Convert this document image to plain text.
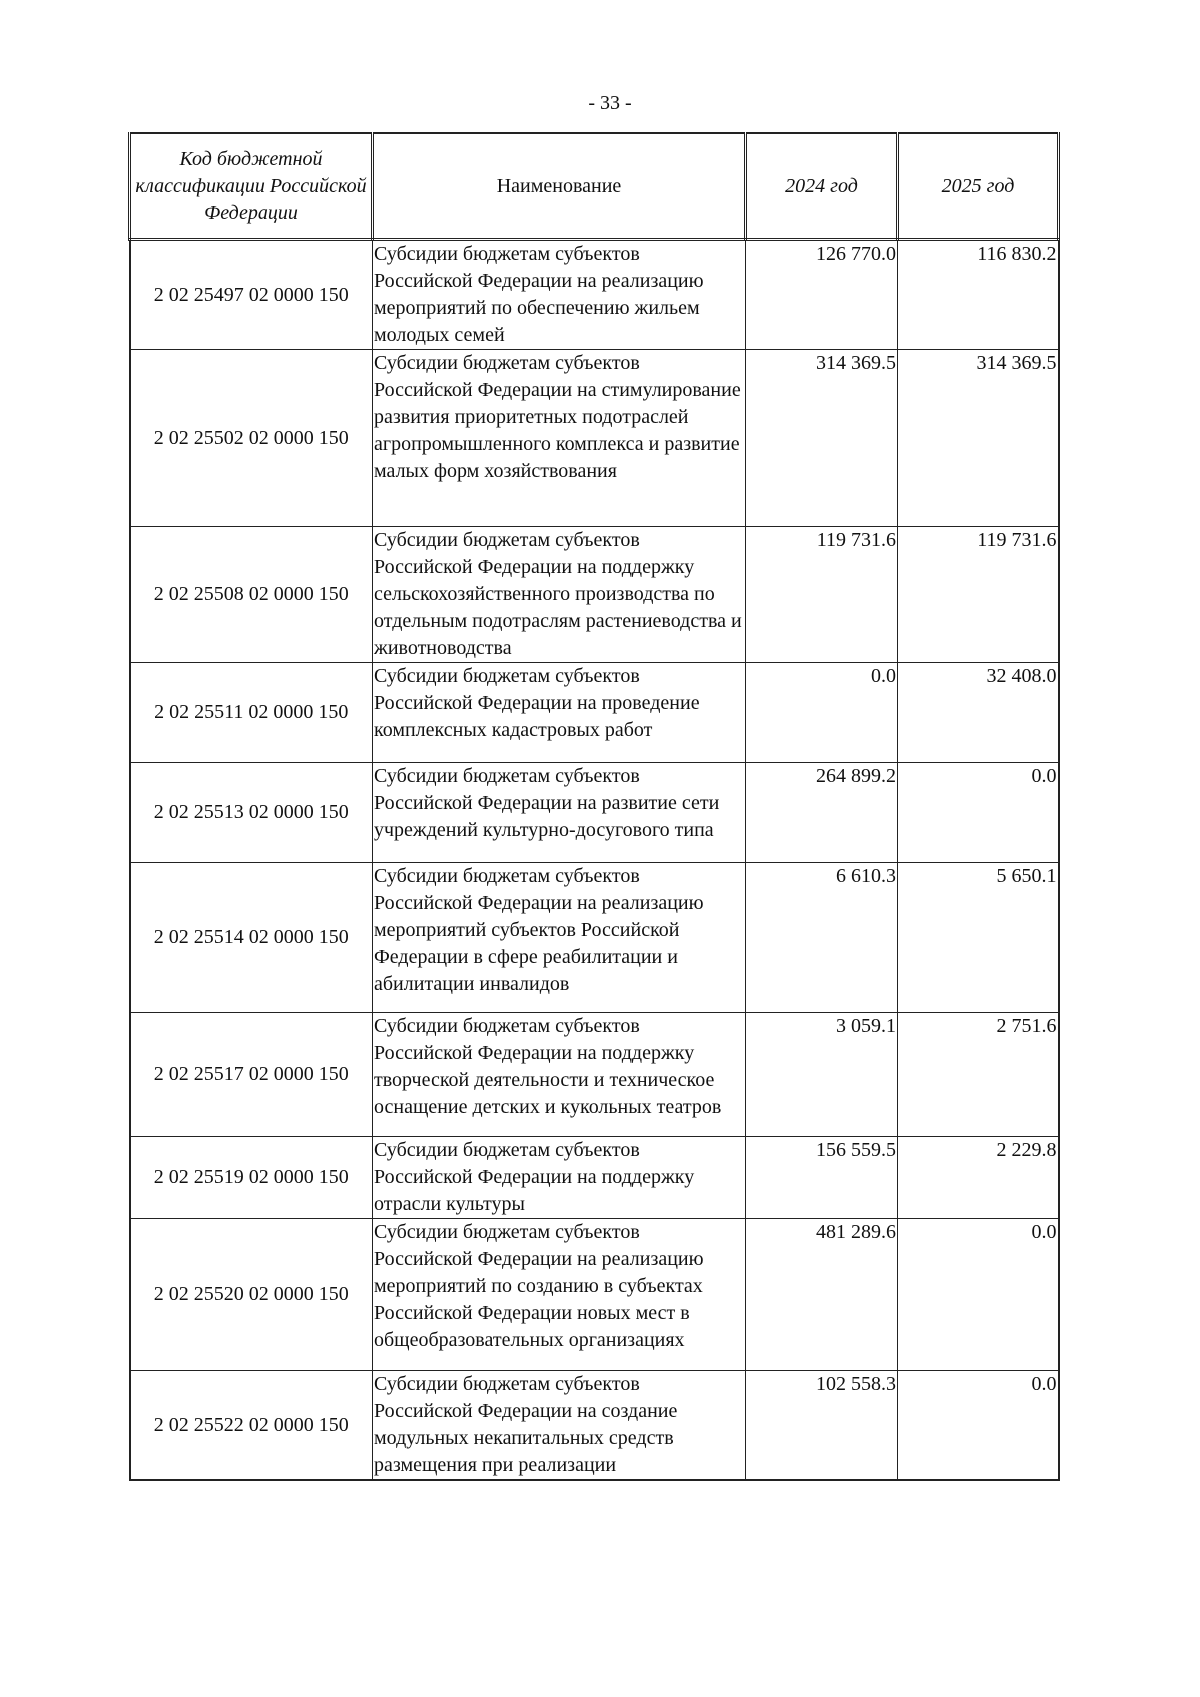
- 33 -
Код бюджетной классификации Российской Федерации	Наименование	2024 год	2025 год
2 02 25497 02 0000 150	Субсидии бюджетам субъектов Российской Федерации на реализацию мероприятий по обеспечению жильем молодых семей	126 770.0	116 830.2
2 02 25502 02 0000 150	Субсидии бюджетам субъектов Российской Федерации на стимулирование развития приоритетных подотраслей агропромышленного комплекса и развитие малых форм хозяйствования	314 369.5	314 369.5
2 02 25508 02 0000 150	Субсидии бюджетам субъектов Российской Федерации на поддержку сельскохозяйственного производства по отдельным подотраслям растениеводства и животноводства	119 731.6	119 731.6
2 02 25511 02 0000 150	Субсидии бюджетам субъектов Российской Федерации на проведение комплексных кадастровых работ	0.0	32 408.0
2 02 25513 02 0000 150	Субсидии бюджетам субъектов Российской Федерации на развитие сети учреждений культурно-досугового типа	264 899.2	0.0
2 02 25514 02 0000 150	Субсидии бюджетам субъектов Российской Федерации на реализацию мероприятий субъектов Российской Федерации в сфере реабилитации и абилитации инвалидов	6 610.3	5 650.1
2 02 25517 02 0000 150	Субсидии бюджетам субъектов Российской Федерации на поддержку творческой деятельности и техническое оснащение детских и кукольных театров	3 059.1	2 751.6
2 02 25519 02 0000 150	Субсидии бюджетам субъектов Российской Федерации на поддержку отрасли культуры	156 559.5	2 229.8
2 02 25520 02 0000 150	Субсидии бюджетам субъектов Российской Федерации на реализацию мероприятий по созданию в субъектах Российской Федерации новых мест в общеобразовательных организациях	481 289.6	0.0
2 02 25522 02 0000 150	Субсидии бюджетам субъектов Российской Федерации на создание модульных некапитальных средств размещения при реализации	102 558.3	0.0
